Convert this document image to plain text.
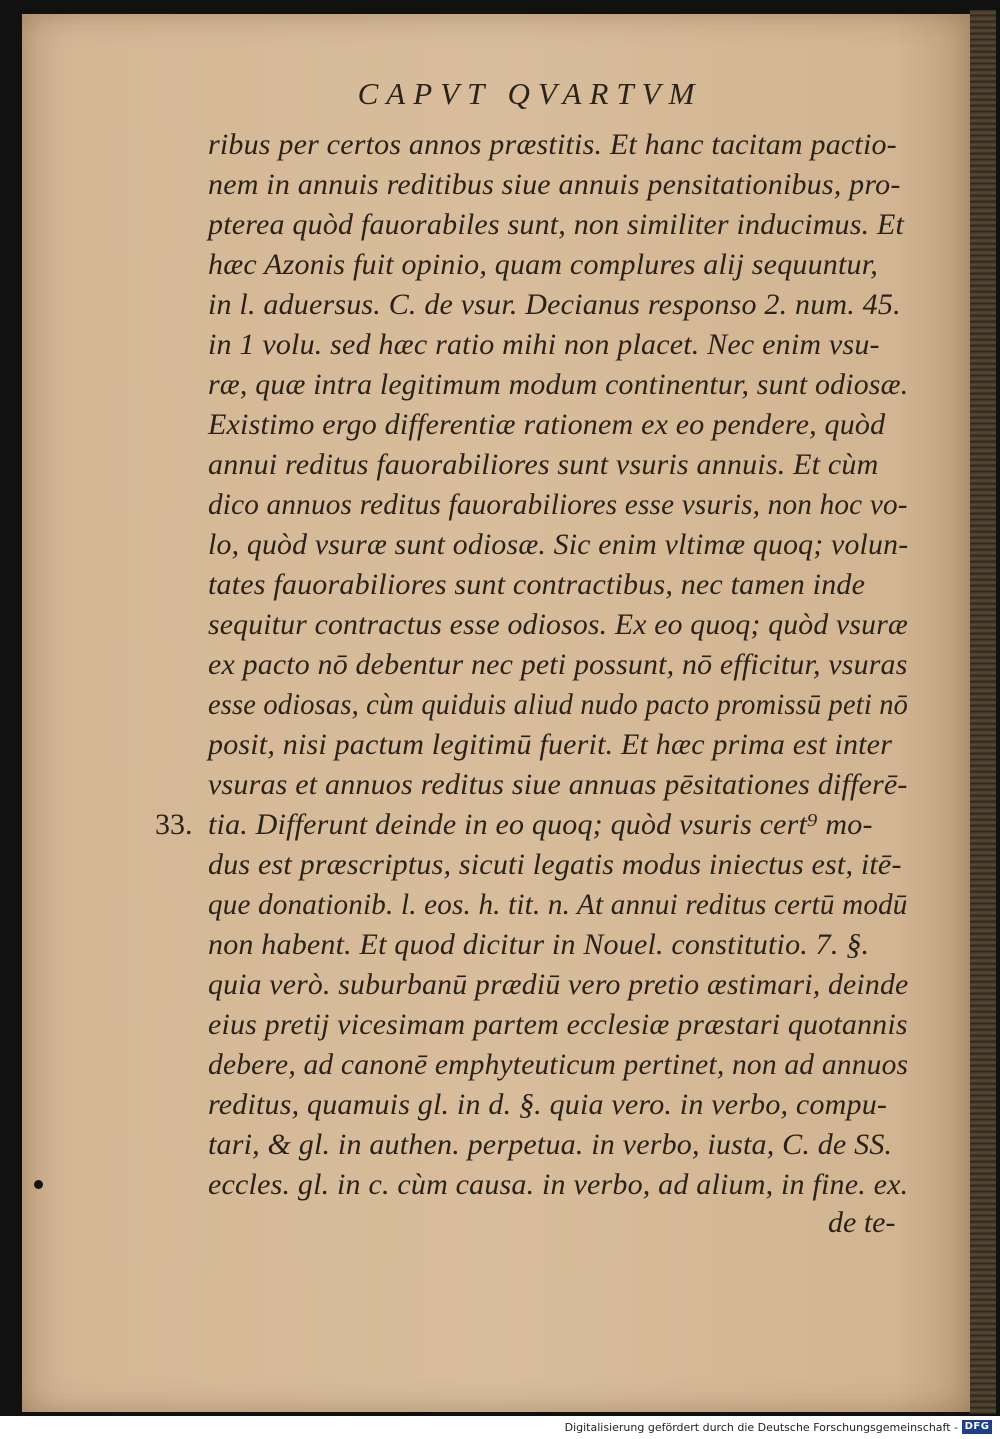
CAPVT QVARTVM
ribus per certos annos præstitis. Et hanc tacitam pactio-
nem in annuis reditibus siue annuis pensitationibus, pro-
pterea quòd fauorabiles sunt, non similiter inducimus. Et
hæc Azonis fuit opinio, quam complures alij sequuntur,
in l. aduersus. C. de vsur. Decianus responso 2. num. 45.
in 1 volu. sed hæc ratio mihi non placet. Nec enim vsu-
ræ, quæ intra legitimum modum continentur, sunt odiosæ.
Existimo ergo differentiæ rationem ex eo pendere, quòd
annui reditus fauorabiliores sunt vsuris annuis. Et cùm
dico annuos reditus fauorabiliores esse vsuris, non hoc vo-
lo, quòd vsuræ sunt odiosæ. Sic enim vltimæ quoq; volun-
tates fauorabiliores sunt contractibus, nec tamen inde
sequitur contractus esse odiosos. Ex eo quoq; quòd vsuræ
ex pacto nō debentur nec peti possunt, nō efficitur, vsuras
esse odiosas, cùm quiduis aliud nudo pacto promissū peti nō
posit, nisi pactum legitimū fuerit. Et hæc prima est inter
vsuras et annuos reditus siue annuas pēsitationes differē-
tia. Differunt deinde in eo quoq; quòd vsuris cert⁹ mo-
dus est præscriptus, sicuti legatis modus iniectus est, itē-
que donationib. l. eos. h. tit. n. At annui reditus certū modū
non habent. Et quod dicitur in Nouel. constitutio. 7. §.
quia verò. suburbanū prædiū vero pretio æstimari, deinde
eius pretij vicesimam partem ecclesiæ præstari quotannis
debere, ad canonē emphyteuticum pertinet, non ad annuos
reditus, quamuis gl. in d. §. quia vero. in verbo, compu-
tari, & gl. in authen. perpetua. in verbo, iusta, C. de SS.
eccles. gl. in c. cùm causa. in verbo, ad alium, in fine. ex.
33.
de te-
Digitalisierung gefördert durch die Deutsche Forschungsgemeinschaft - DFG
